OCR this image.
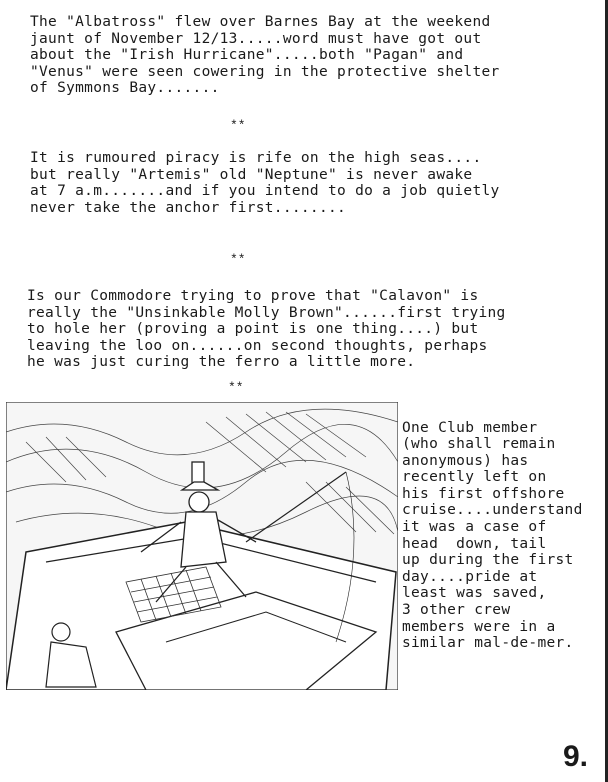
The "Albatross" flew over Barnes Bay at the weekend
jaunt of November 12/13.....word must have got out
about the "Irish Hurricane".....both "Pagan" and
"Venus" were seen cowering in the protective shelter
of Symmons Bay.......
**
It is rumoured piracy is rife on the high seas....
but really "Artemis" old "Neptune" is never awake
at 7 a.m.......and if you intend to do a job quietly
never take the anchor first........
**
Is our Commodore trying to prove that "Calavon" is
really the "Unsinkable Molly Brown"......first trying
to hole her (proving a point is one thing....) but
leaving the loo on......on second thoughts, perhaps
he was just curing the ferro a little more.
**
One Club member
(who shall remain
anonymous) has
recently left on
his first offshore
cruise....understand
it was a case of
head  down, tail
up during the first
day....pride at
least was saved,
3 other crew
members were in a
similar mal-de-mer.
9.
